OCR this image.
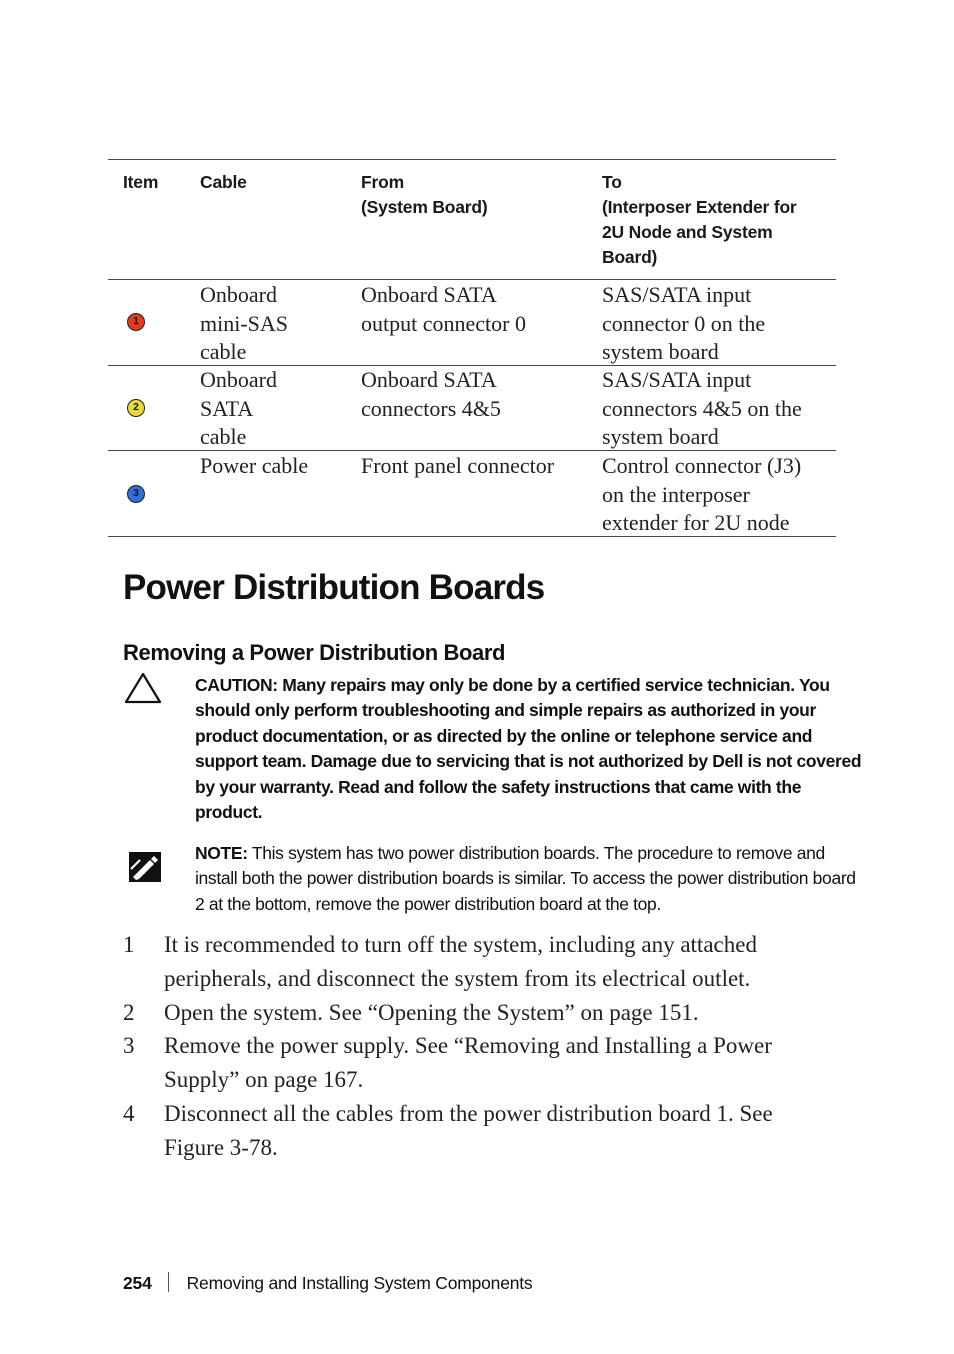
Item Cable	From
(System Board)
To
(Interposer Extender for
2U Node and System
Board)
1
Onboard
mini-SAS
cable
Onboard SATA
output connector 0
SAS/SATA input
connector 0 on the
system board
2
Onboard
SATA
cable
Onboard SATA
connectors 4&5
SAS/SATA input
connectors 4&5 on the
system board
3
Power cable Front panel connector Control connector (J3)
on the interposer
extender for 2U node
Power Distribution Boards
Removing a Power Distribution Board
CAUTION: Many repairs may only be done by a certified service technician. You should only perform troubleshooting and simple repairs as authorized in your product documentation, or as directed by the online or telephone service and support team. Damage due to servicing that is not authorized by Dell is not covered by your warranty. Read and follow the safety instructions that came with the product.
NOTE: This system has two power distribution boards. The procedure to remove and install both the power distribution boards is similar. To access the power distribution board 2 at the bottom, remove the power distribution board at the top.
1 It is recommended to turn off the system, including any attached peripherals, and disconnect the system from its electrical outlet.
2 Open the system. See “Opening the System” on page 151.
3 Remove the power supply. See “Removing and Installing a Power Supply” on page 167.
4 Disconnect all the cables from the power distribution board 1. See Figure 3-78.
254 Removing and Installing System Components
